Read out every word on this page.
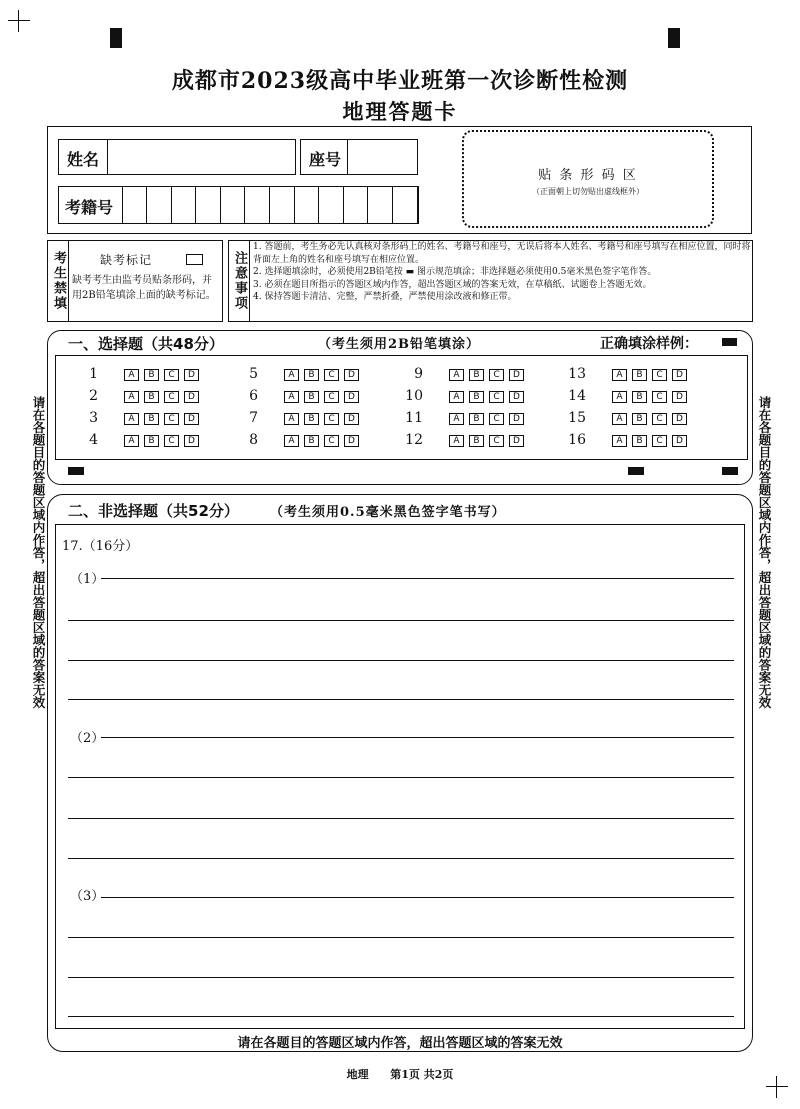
成都市2023级高中毕业班第一次诊断性检测
地理答题卡
姓名	座号
考籍号
贴 条 形 码 区
（正面朝上切勿贴出虚线框外）
考生禁填	缺考标记
缺考考生由监考员贴条形码，并用2B铅笔填涂上面的缺考标记。	注意事项
1. 答题前，考生务必先认真核对条形码上的姓名、考籍号和座号，无误后将本人姓名、考籍号和座号填写在相应位置，同时将背面左上角的姓名和座号填写在相应位置。
2. 选择题填涂时，必须使用2B铅笔按 ▬ 图示规范填涂；非选择题必须使用0.5毫米黑色签字笔作答。
3. 必须在题目所指示的答题区域内作答，超出答题区域的答案无效，在草稿纸、试题卷上答题无效。
4. 保持答题卡清洁、完整，严禁折叠，严禁使用涂改液和修正带。
请在各题目的答题区域内作答，超出答题区域的答案无效	请在各题目的答题区域内作答，超出答题区域的答案无效
一、选择题（共48分）	（考生须用2B铅笔填涂）	正确填涂样例：
1	A	B	C	D
2	A	B	C	D
3	A	B	C	D
4	A	B	C	D
5	A	B	C	D
6	A	B	C	D
7	A	B	C	D
8	A	B	C	D
9	A	B	C	D
10	A	B	C	D
11	A	B	C	D
12	A	B	C	D
13	A	B	C	D
14	A	B	C	D
15	A	B	C	D
16	A	B	C	D
二、非选择题（共52分） （考生须用0.5毫米黑色签字笔书写）
17.（16分）
（1）
（2）
（3）
请在各题目的答题区域内作答，超出答题区域的答案无效
地理 第1页 共2页
